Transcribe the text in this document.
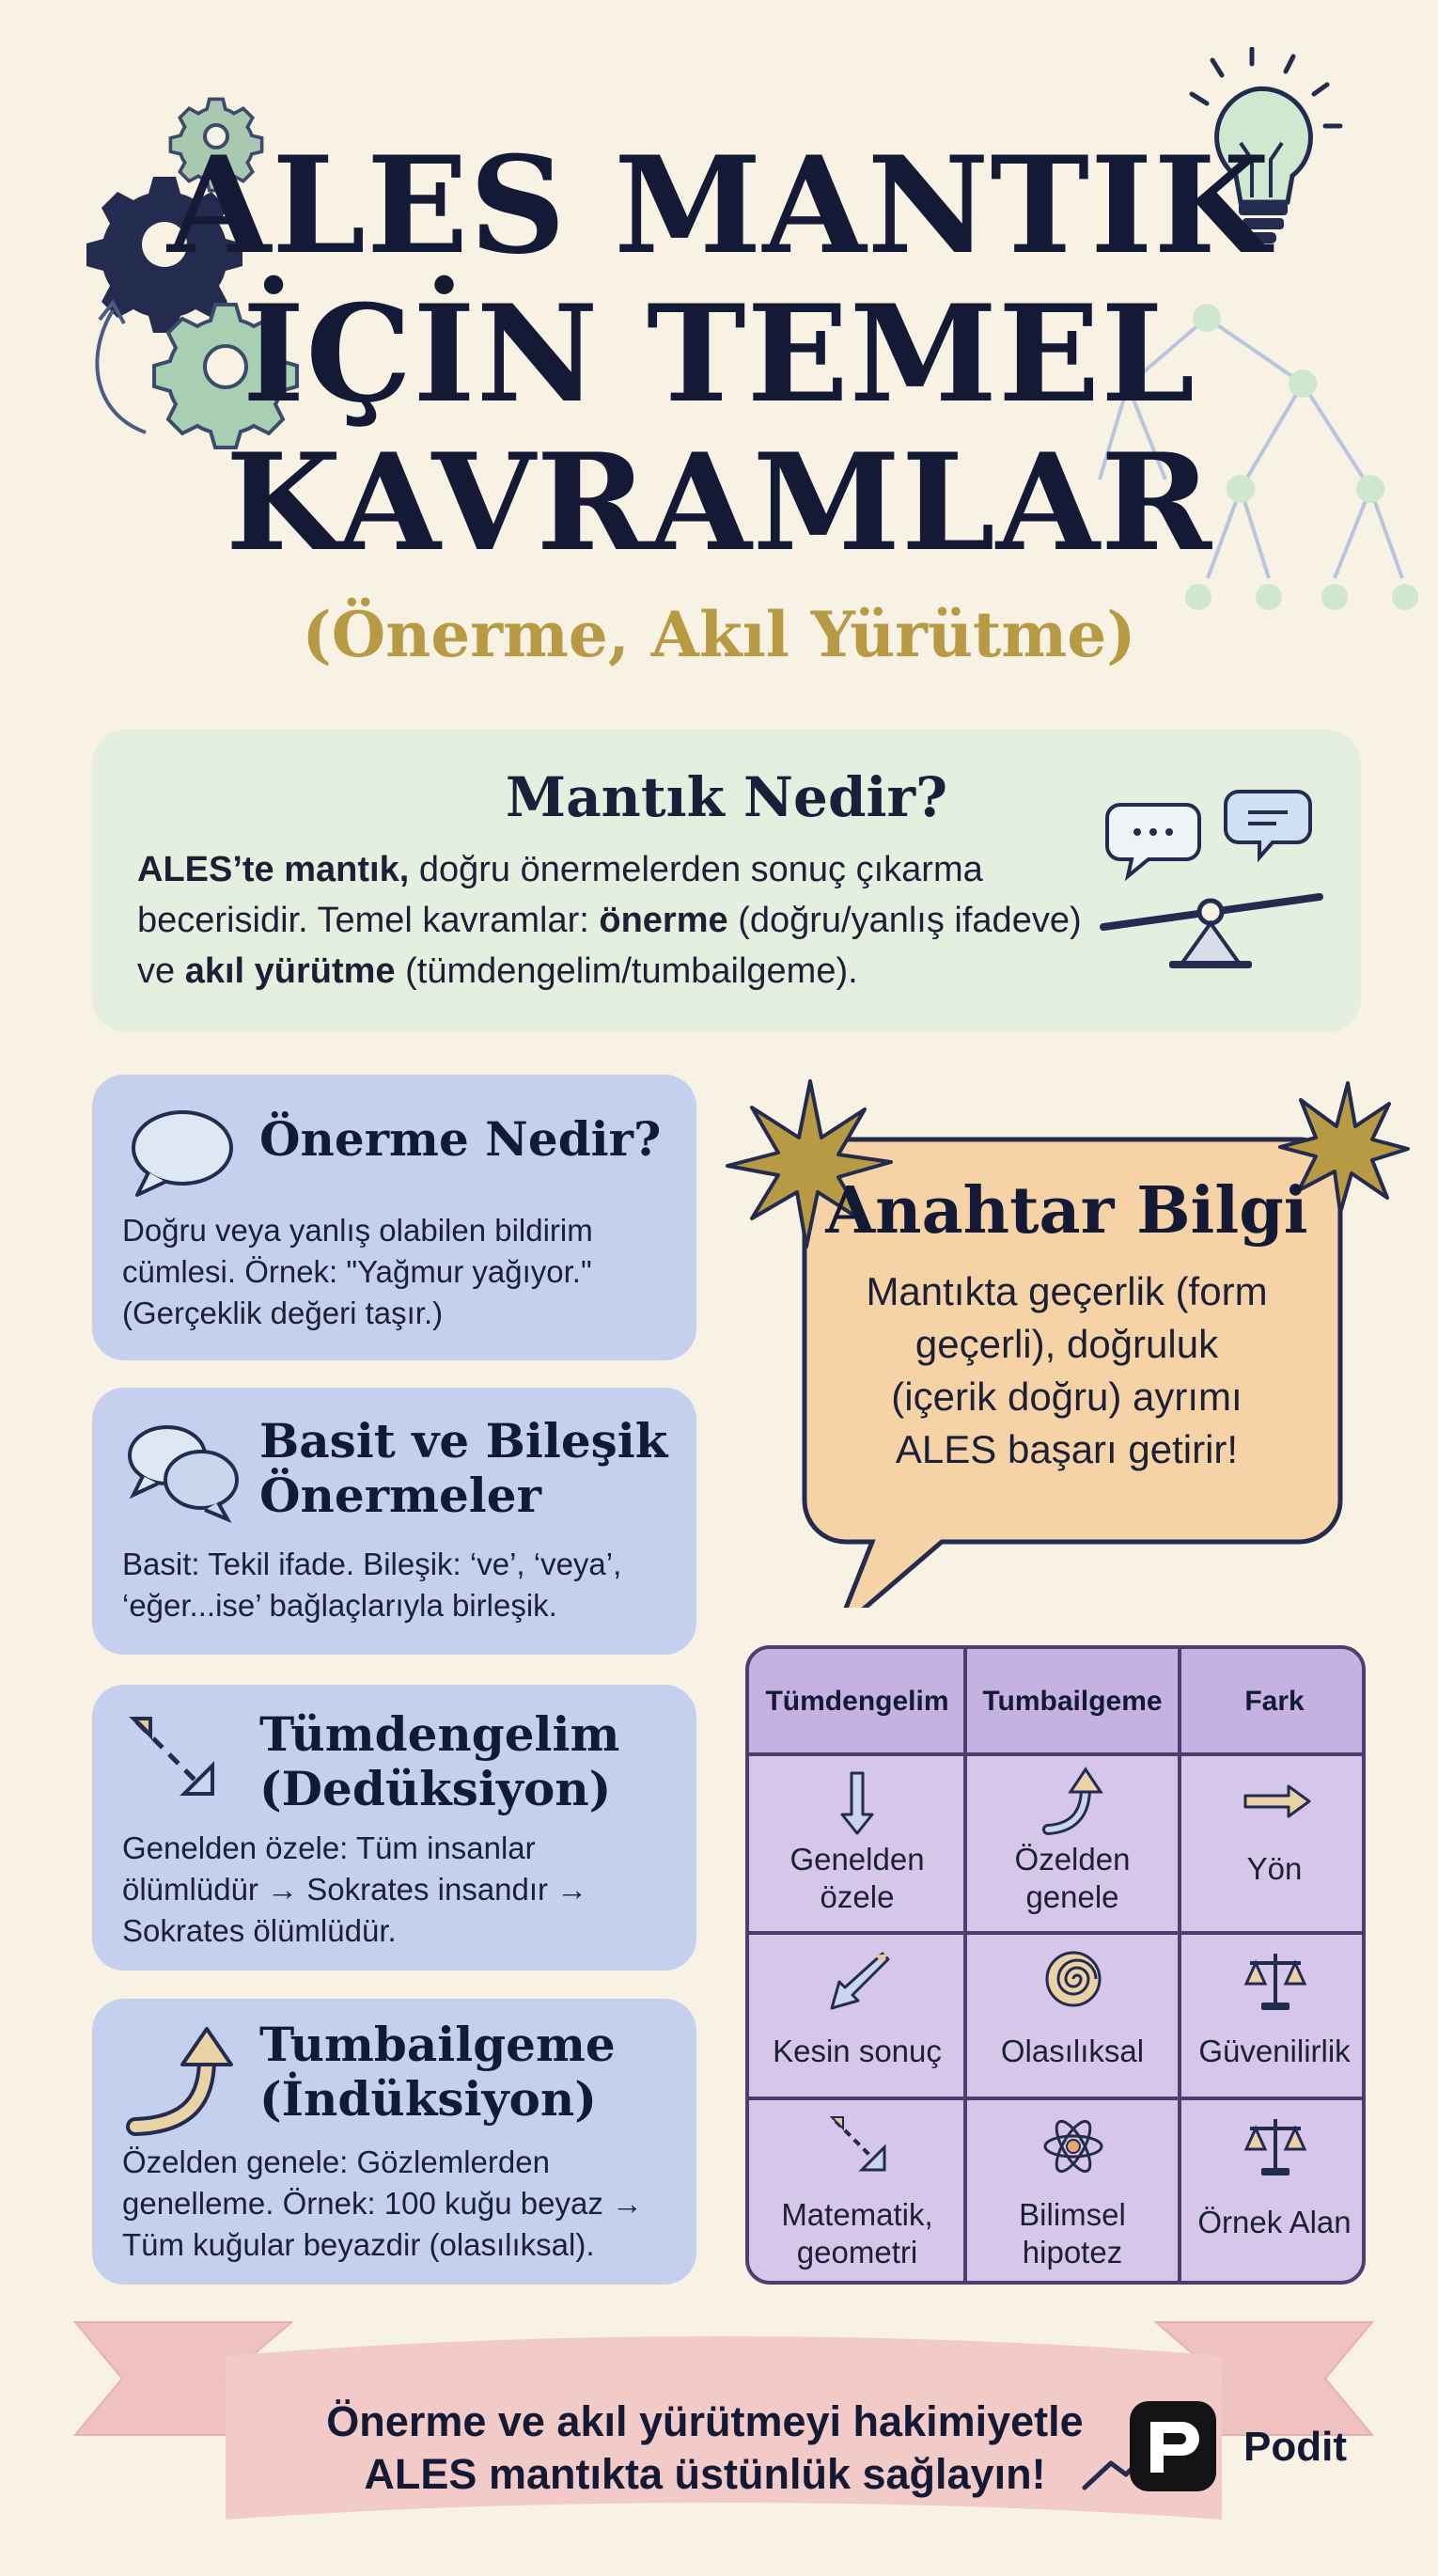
ALES MANTIK
İÇİN TEMEL
KAVRAMLAR
(Önerme, Akıl Yürütme)
Mantık Nedir?

ALES’te mantık, doğru önermelerden sonuç çıkarma becerisidir. Temel kavramlar: önerme (doğru/yanlış ifadeve) ve akıl yürütme (tümdengelim/tumbailgeme).

Önerme Nedir?

Doğru veya yanlış olabilen bildirim cümlesi. Örnek: "Yağmur yağıyor." (Gerçeklik değeri taşır.)

Basit ve Bileşik
Önermeler

Basit: Tekil ifade. Bileşik: ‘ve’, ‘veya’, ‘eğer...ise’ bağlaçlarıyla birleşik.

Tümdengelim
(Dedüksiyon)

Genelden özele: Tüm insanlar ölümlüdür → Sokrates insandır → Sokrates ölümlüdür.

Tumbailgeme
(İndüksiyon)

Özelden genele: Gözlemlerden genelleme. Örnek: 100 kuğu beyaz → Tüm kuğular beyazdir (olasılıksal).

Anahtar Bilgi
Mantıkta geçerlik (form
geçerli), doğruluk
(içerik doğru) ayrımı
ALES başarı getirir!
Tümdengelim	Tumbailgeme	Fark
Genelden özele
Özelden genele
Yön
Kesin sonuç Olasılıksal Güvenilirlik
Matematik, geometri
Bilimsel hipotez
Örnek Alan
Önerme ve akıl yürütmeyi hakimiyetle
ALES mantıkta üstünlük sağlayın!
Podit
